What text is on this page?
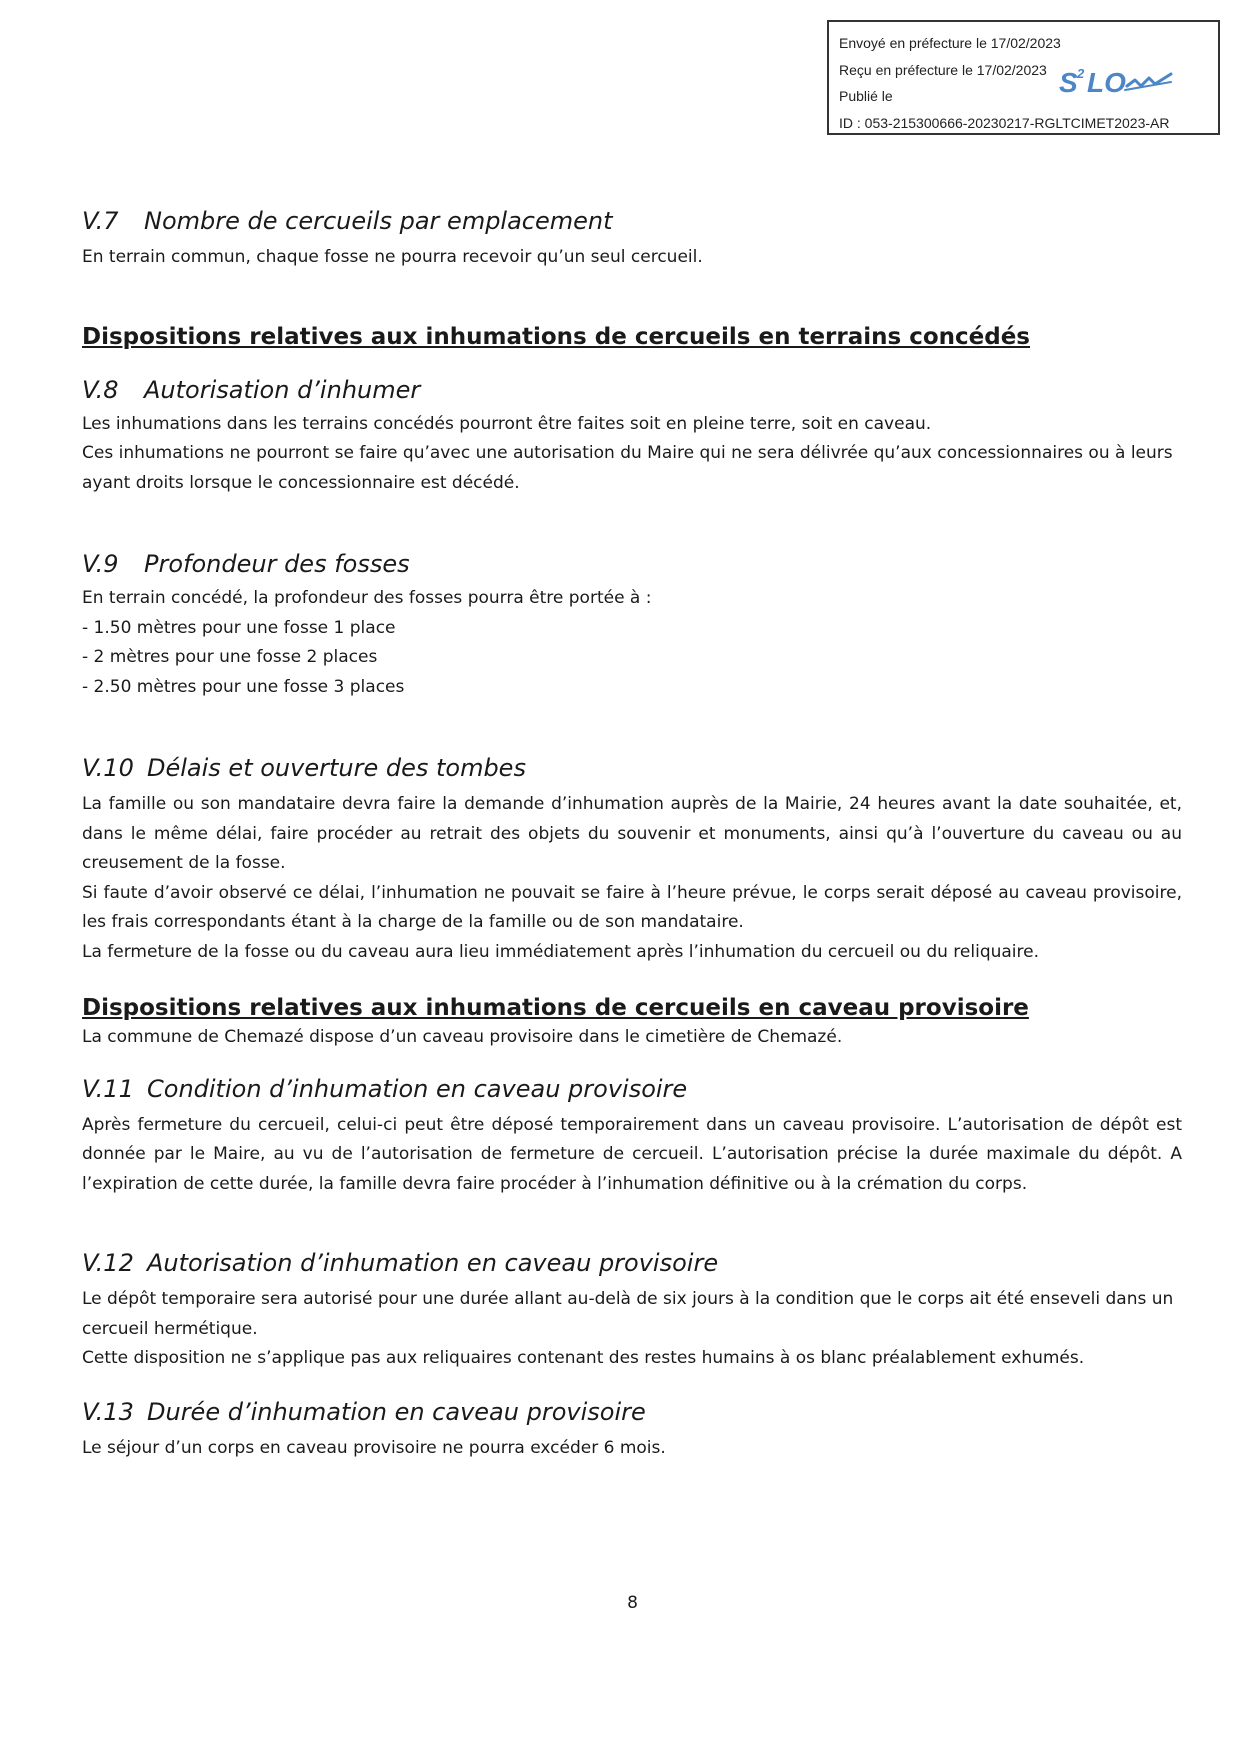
Envoyé en préfecture le 17/02/2023
Reçu en préfecture le 17/02/2023
Publié le
ID : 053-215300666-20230217-RGLTCIMET2023-AR
S 2 LO
V.7 Nombre de cercueils par emplacement

En terrain commun, chaque fosse ne pourra recevoir qu’un seul cercueil.

Dispositions relatives aux inhumations de cercueils en terrains concédés
V.8 Autorisation d’inhumer

Les inhumations dans les terrains concédés pourront être faites soit en pleine terre, soit en caveau.

Ces inhumations ne pourront se faire qu’avec une autorisation du Maire qui ne sera délivrée qu’aux concessionnaires ou à leurs ayant droits lorsque le concessionnaire est décédé.

V.9 Profondeur des fosses

En terrain concédé, la profondeur des fosses pourra être portée à :

- 1.50 mètres pour une fosse 1 place

- 2 mètres pour une fosse 2 places

- 2.50 mètres pour une fosse 3 places

V.10 Délais et ouverture des tombes

La famille ou son mandataire devra faire la demande d’inhumation auprès de la Mairie, 24 heures avant la date souhaitée, et, dans le même délai, faire procéder au retrait des objets du souvenir et monuments, ainsi qu’à l’ouverture du caveau ou au creusement de la fosse.

Si faute d’avoir observé ce délai, l’inhumation ne pouvait se faire à l’heure prévue, le corps serait déposé au caveau provisoire, les frais correspondants étant à la charge de la famille ou de son mandataire.

La fermeture de la fosse ou du caveau aura lieu immédiatement après l’inhumation du cercueil ou du reliquaire.

Dispositions relatives aux inhumations de cercueils en caveau provisoire

La commune de Chemazé dispose d’un caveau provisoire dans le cimetière de Chemazé.

V.11 Condition d’inhumation en caveau provisoire

Après fermeture du cercueil, celui-ci peut être déposé temporairement dans un caveau provisoire. L’autorisation de dépôt est donnée par le Maire, au vu de l’autorisation de fermeture de cercueil. L’autorisation précise la durée maximale du dépôt. A l’expiration de cette durée, la famille devra faire procéder à l’inhumation définitive ou à la crémation du corps.

V.12 Autorisation d’inhumation en caveau provisoire

Le dépôt temporaire sera autorisé pour une durée allant au-delà de six jours à la condition que le corps ait été enseveli dans un cercueil hermétique.

Cette disposition ne s’applique pas aux reliquaires contenant des restes humains à os blanc préalablement exhumés.

V.13 Durée d’inhumation en caveau provisoire

Le séjour d’un corps en caveau provisoire ne pourra excéder 6 mois.

8
